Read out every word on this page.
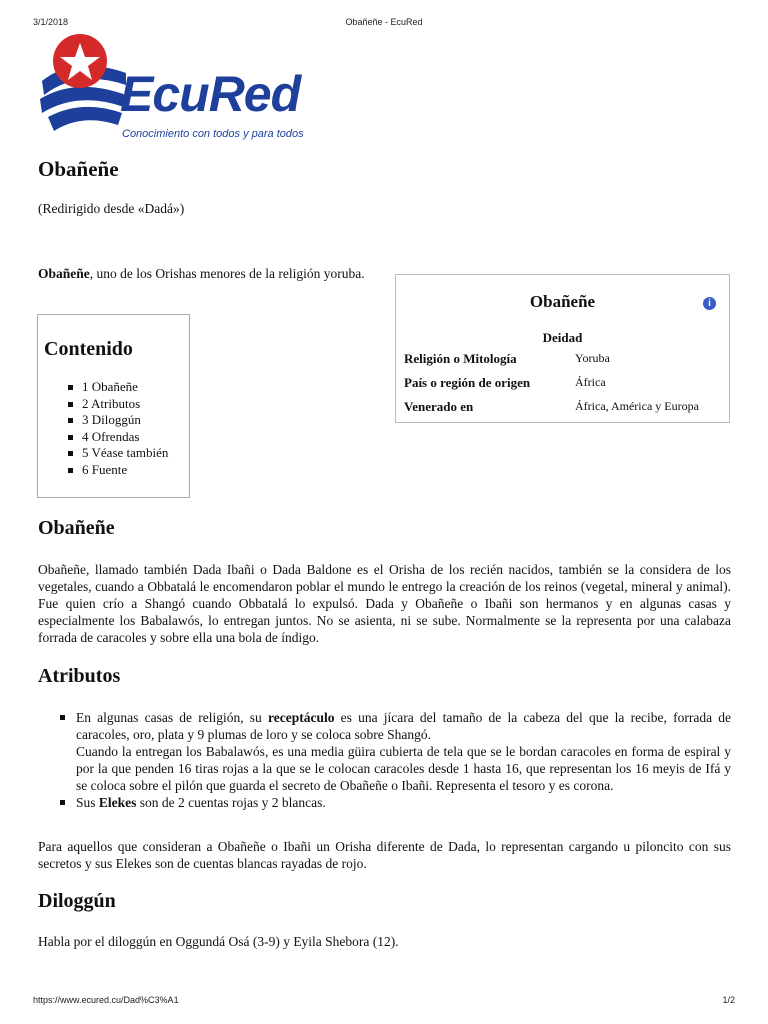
3/1/2018	Obañeñe - EcuRed
EcuRed
Conocimiento con todos y para todos
Obañeñe
(Redirigido desde «Dadá»)
Obañeñe, uno de los Orishas menores de la religión yoruba.
Contenido
1 Obañeñe
2 Atributos
3 Diloggún
4 Ofrendas
5 Véase también
6 Fuente
Obañeñe	i
Deidad
Religión o Mitología	Yoruba
País o región de origen	África
Venerado en	África, América y Europa
Obañeñe

Obañeñe, llamado también Dada Ibañi o Dada Baldone es el Orisha de los recién nacidos, también se la considera de los vegetales, cuando a Obbatalá le encomendaron poblar el mundo le entrego la creación de los reinos (vegetal, mineral y animal). Fue quien crío a Shangó cuando Obbatalá lo expulsó. Dada y Obañeñe o Ibañi son hermanos y en algunas casas y especialmente los Babalawós, lo entregan juntos. No se asienta, ni se sube. Normalmente se la representa por una calabaza forrada de caracoles y sobre ella una bola de índigo.

Atributos
En algunas casas de religión, su receptáculo es una jícara del tamaño de la cabeza del que la recibe, forrada de caracoles, oro, plata y 9 plumas de loro y se coloca sobre Shangó.
Cuando la entregan los Babalawós, es una media güira cubierta de tela que se le bordan caracoles en forma de espiral y por la que penden 16 tiras rojas a la que se le colocan caracoles desde 1 hasta 16, que representan los 16 meyis de Ifá y se coloca sobre el pilón que guarda el secreto de Obañeñe o Ibañi. Representa el tesoro y es corona.
Sus Elekes son de 2 cuentas rojas y 2 blancas.

Para aquellos que consideran a Obañeñe o Ibañi un Orisha diferente de Dada, lo representan cargando u piloncito con sus secretos y sus Elekes son de cuentas blancas rayadas de rojo.

Diloggún

Habla por el diloggún en Oggundá Osá (3-9) y Eyila Shebora (12).

https://www.ecured.cu/Dad%C3%A1	1/2
